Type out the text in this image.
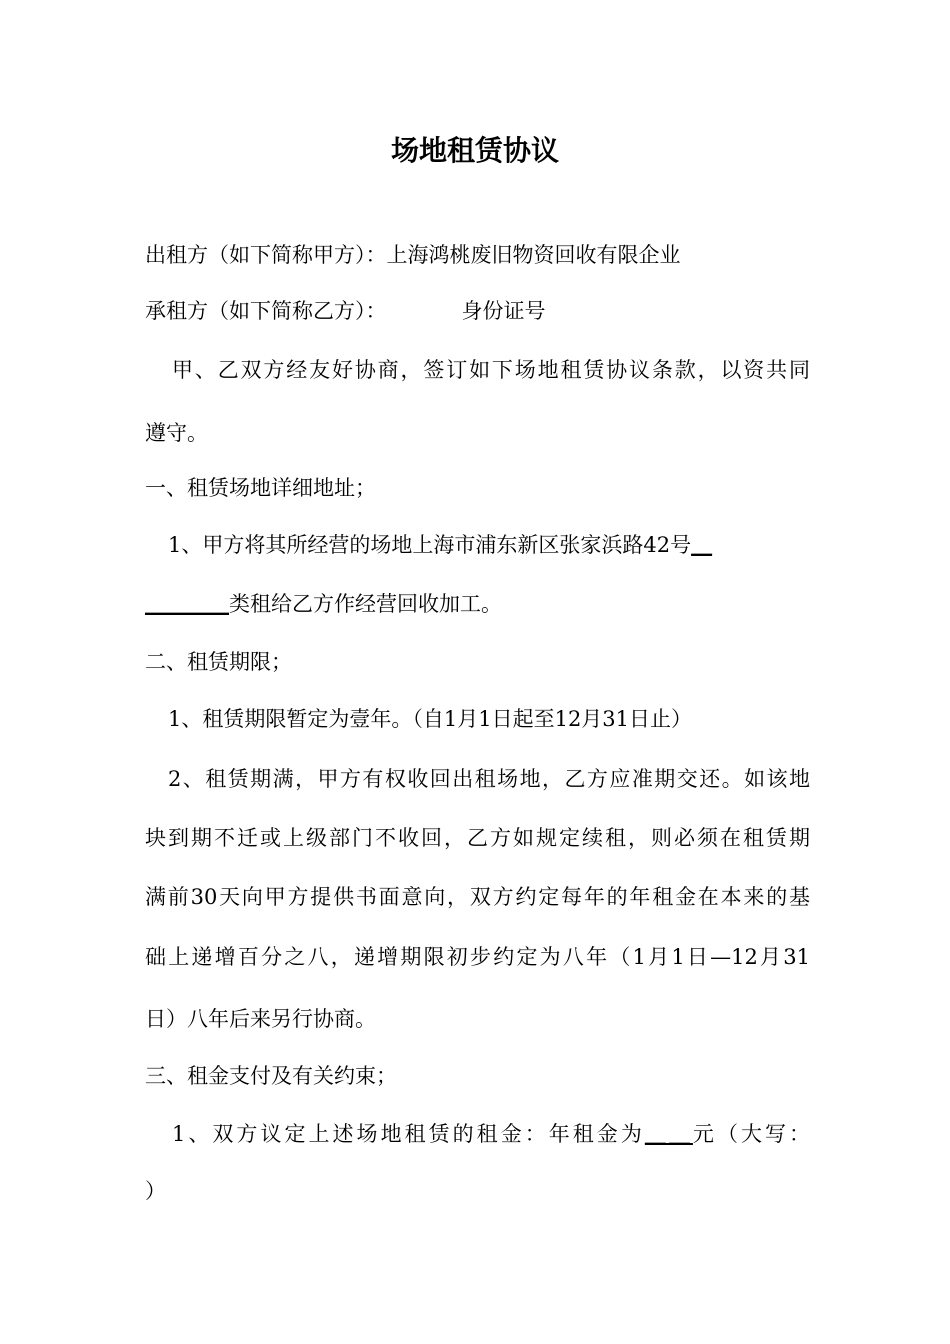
场地租赁协议
出租方（如下简称甲方）：上海鸿桃废旧物资回收有限企业
承租方（如下简称乙方）：	身份证号
甲、乙双方经友好协商，签订如下场地租赁协议条款，以资共同
遵守。
一、租赁场地详细地址；
1、甲方将其所经营的场地上海市浦东新区张家浜路42号＿
＿＿＿＿类租给乙方作经营回收加工。
二、租赁期限；
1、租赁期限暂定为壹年。（自1月1日起至12月31日止）
2、租赁期满，甲方有权收回出租场地，乙方应准期交还。如该地
块到期不迁或上级部门不收回，乙方如规定续租，则必须在租赁期
满前30天向甲方提供书面意向，双方约定每年的年租金在本来的基
础上递增百分之八，递增期限初步约定为八年（1月1日—12月31
日）八年后来另行协商。
三、租金支付及有关约束；
1、双方议定上述场地租赁的租金：年租金为＿＿元（大写：
）
